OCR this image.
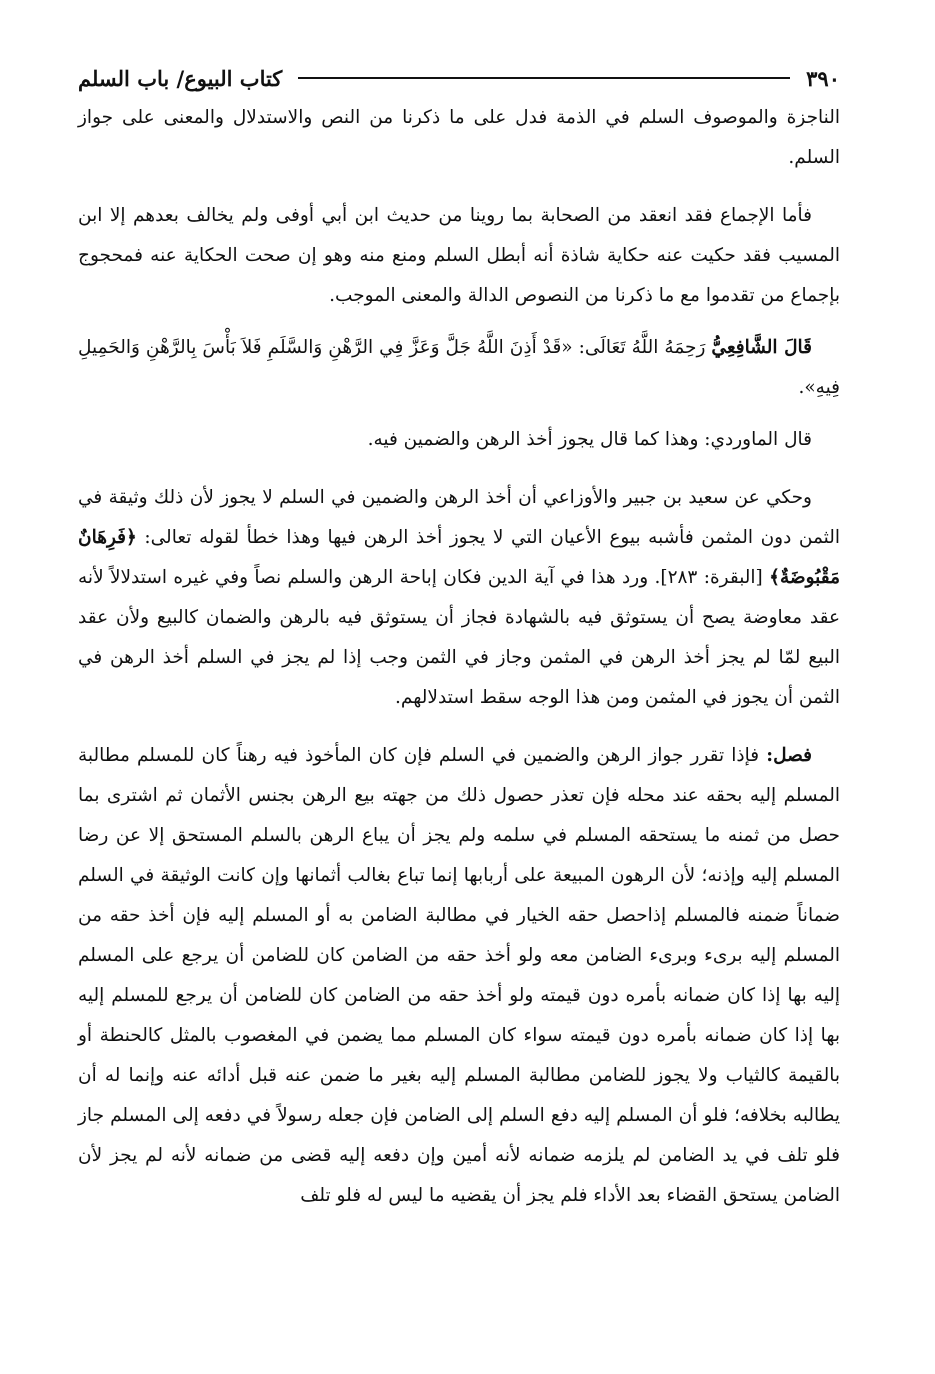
٣٩٠
كتاب البيوع/ باب السلم

الناجزة والموصوف السلم في الذمة فدل على ما ذكرنا من النص والاستدلال والمعنى على جواز السلم.

فأما الإجماع فقد انعقد من الصحابة بما روينا من حديث ابن أبي أوفى ولم يخالف بعدهم إلا ابن المسيب فقد حكيت عنه حكاية شاذة أنه أبطل السلم ومنع منه وهو إن صحت الحكاية عنه فمحجوج بإجماع من تقدموا مع ما ذكرنا من النصوص الدالة والمعنى الموجب.

قَالَ الشَّافِعِيُّ رَحِمَهُ اللَّهُ تَعَالَى: «قَدْ أَذِنَ اللَّهُ جَلَّ وَعَزَّ فِي الرَّهْنِ وَالسَّلَمِ فَلاَ بَأْسَ بِالرَّهْنِ وَالحَمِيلِ فِيهِ».

قال الماوردي: وهذا كما قال يجوز أخذ الرهن والضمين فيه.

وحكي عن سعيد بن جبير والأوزاعي أن أخذ الرهن والضمين في السلم لا يجوز لأن ذلك وثيقة في الثمن دون المثمن فأشبه بيوع الأعيان التي لا يجوز أخذ الرهن فيها وهذا خطأ لقوله تعالى: ﴿فَرِهَانٌ مَقْبُوضَةٌ﴾ [البقرة: ٢٨٣]. ورد هذا في آية الدين فكان إباحة الرهن والسلم نصاً وفي غيره استدلالاً لأنه عقد معاوضة يصح أن يستوثق فيه بالشهادة فجاز أن يستوثق فيه بالرهن والضمان كالبيع ولأن عقد البيع لمّا لم يجز أخذ الرهن في المثمن وجاز في الثمن وجب إذا لم يجز في السلم أخذ الرهن في الثمن أن يجوز في المثمن ومن هذا الوجه سقط استدلالهم.

فصل: فإذا تقرر جواز الرهن والضمين في السلم فإن كان المأخوذ فيه رهناً كان للمسلم مطالبة المسلم إليه بحقه عند محله فإن تعذر حصول ذلك من جهته بيع الرهن بجنس الأثمان ثم اشترى بما حصل من ثمنه ما يستحقه المسلم في سلمه ولم يجز أن يباع الرهن بالسلم المستحق إلا عن رضا المسلم إليه وإذنه؛ لأن الرهون المبيعة على أربابها إنما تباع بغالب أثمانها وإن كانت الوثيقة في السلم ضماناً ضمنه فالمسلم إذاحصل حقه الخيار في مطالبة الضامن به أو المسلم إليه فإن أخذ حقه من المسلم إليه برىء وبرىء الضامن معه ولو أخذ حقه من الضامن كان للضامن أن يرجع على المسلم إليه بها إذا كان ضمانه بأمره دون قيمته ولو أخذ حقه من الضامن كان للضامن أن يرجع للمسلم إليه بها إذا كان ضمانه بأمره دون قيمته سواء كان المسلم مما يضمن في المغصوب بالمثل كالحنطة أو بالقيمة كالثياب ولا يجوز للضامن مطالبة المسلم إليه بغير ما ضمن عنه قبل أدائه عنه وإنما له أن يطالبه بخلافه؛ فلو أن المسلم إليه دفع السلم إلى الضامن فإن جعله رسولاً في دفعه إلى المسلم جاز فلو تلف في يد الضامن لم يلزمه ضمانه لأنه أمين وإن دفعه إليه قضى من ضمانه لأنه لم يجز لأن الضامن يستحق القضاء بعد الأداء فلم يجز أن يقضيه ما ليس له فلو تلف
